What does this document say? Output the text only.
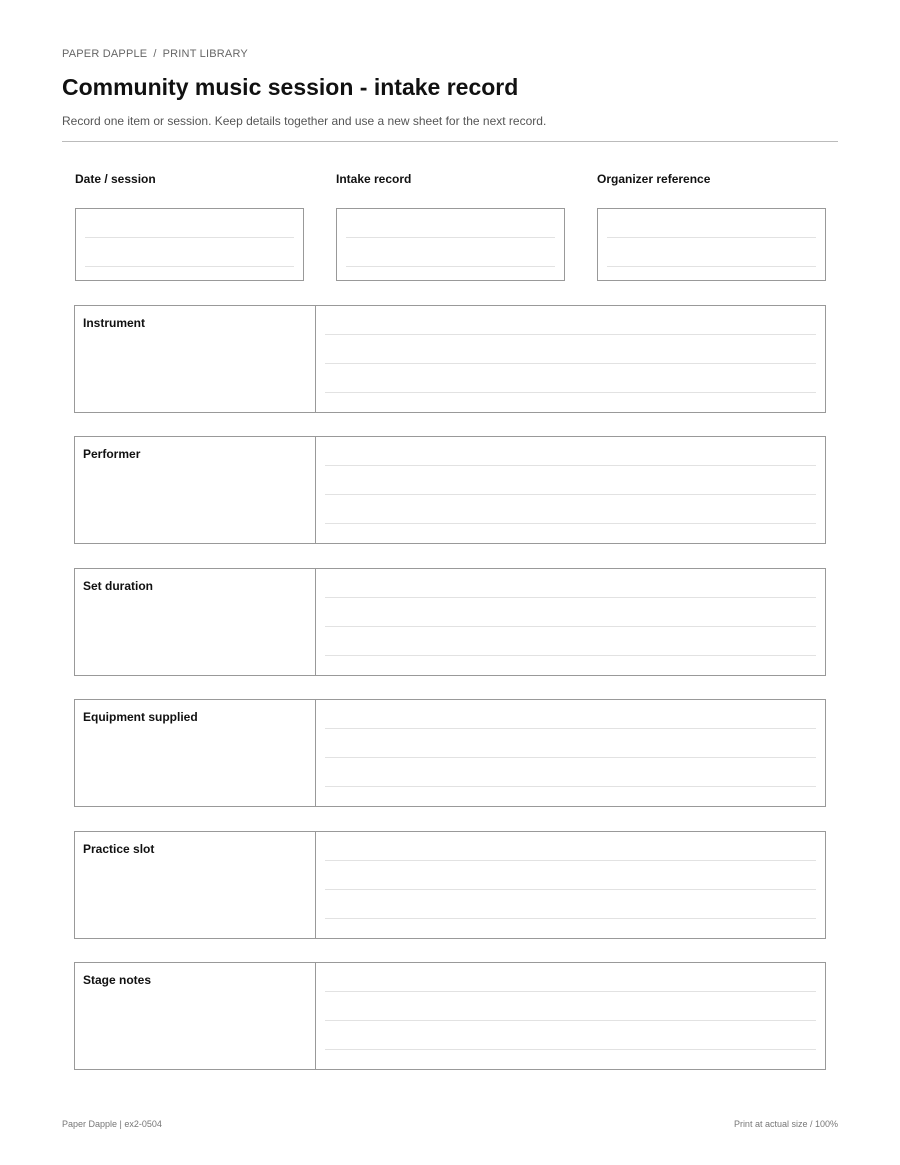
PAPER DAPPLE / PRINT LIBRARY
Community music session - intake record
Record one item or session. Keep details together and use a new sheet for the next record.
Date / session	Intake record	Organizer reference
Instrument
Performer
Set duration
Equipment supplied
Practice slot
Stage notes
Paper Dapple | ex2-0504	Print at actual size / 100%
